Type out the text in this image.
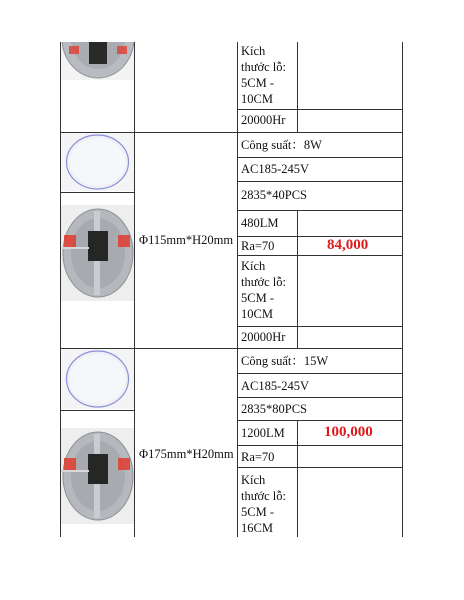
Kích
thước lỗ:
5CM -
10CM
20000Hr
Φ115mm*H20mm
Công suất：8W
AC185-245V
2835*40PCS
480LM
Ra=70	84,000
Kích
thước lỗ:
5CM -
10CM
20000Hr
Φ175mm*H20mm
Công suất：15W
AC185-245V
2835*80PCS
1200LM	100,000
Ra=70
Kích
thước lỗ:
5CM -
16CM
